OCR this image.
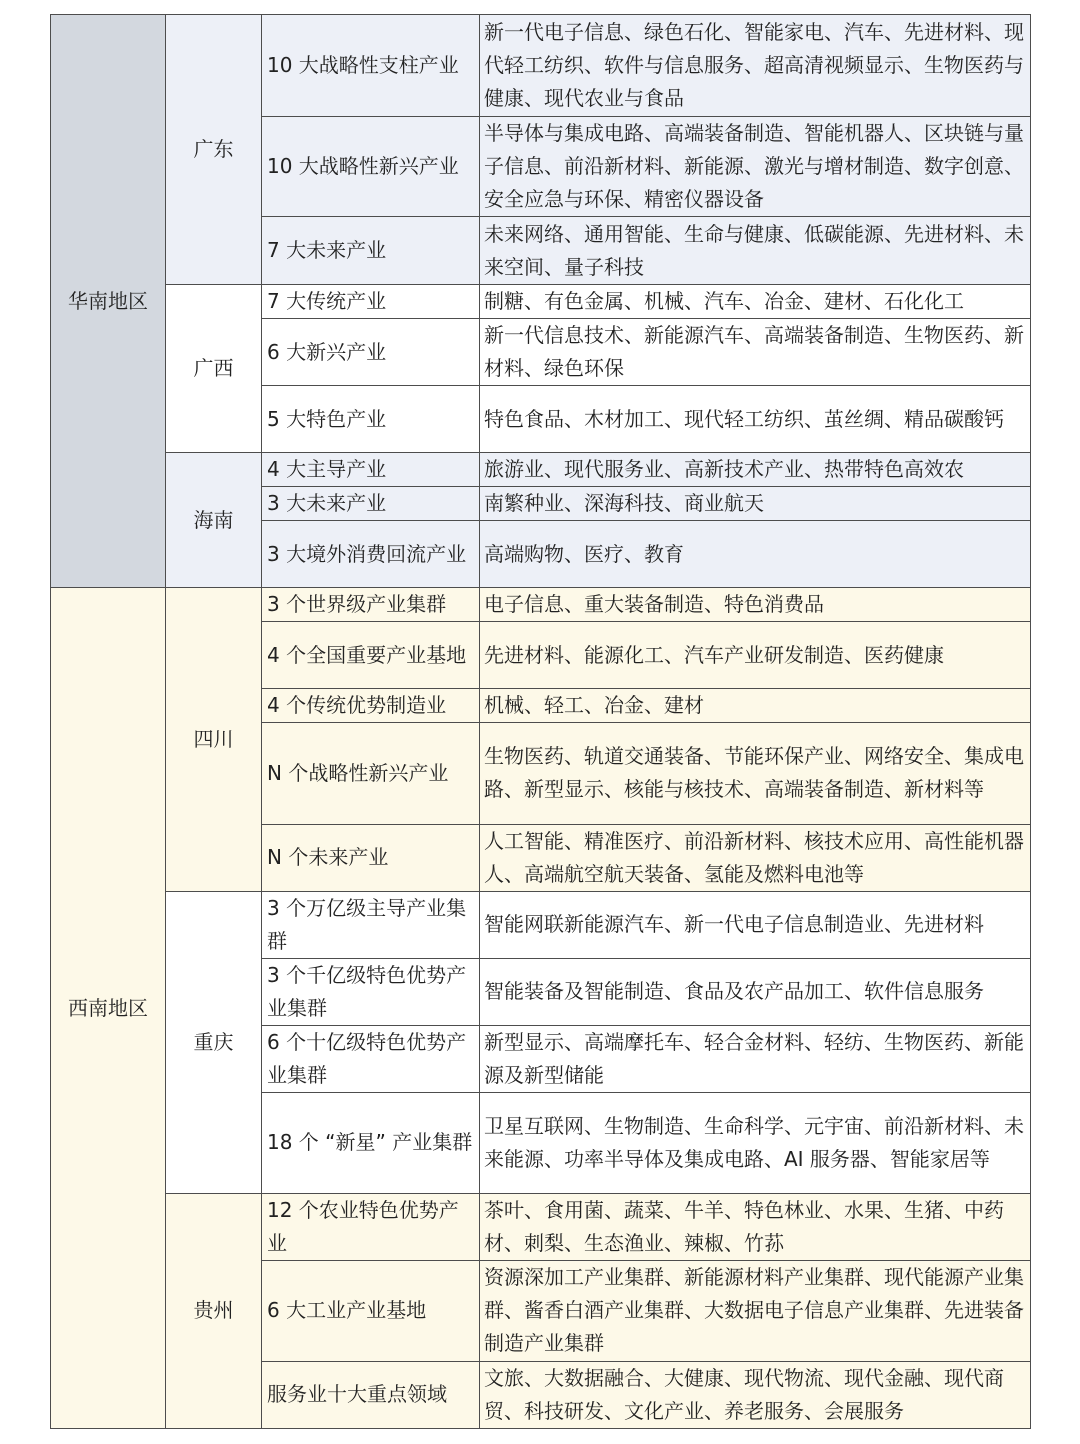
华南地区	广东	10 大战略性支柱产业	新一代电子信息、绿色石化、智能家电、汽车、先进材料、现代轻工纺织、软件与信息服务、超高清视频显示、生物医药与健康、现代农业与食品
		10 大战略性新兴产业	半导体与集成电路、高端装备制造、智能机器人、区块链与量子信息、前沿新材料、新能源、激光与增材制造、数字创意、安全应急与环保、精密仪器设备
		7 大未来产业	未来网络、通用智能、生命与健康、低碳能源、先进材料、未来空间、量子科技
	广西	7 大传统产业	制糖、有色金属、机械、汽车、冶金、建材、石化化工
		6 大新兴产业	新一代信息技术、新能源汽车、高端装备制造、生物医药、新材料、绿色环保
		5 大特色产业	特色食品、木材加工、现代轻工纺织、茧丝绸、精品碳酸钙
	海南	4 大主导产业	旅游业、现代服务业、高新技术产业、热带特色高效农
		3 大未来产业	南繁种业、深海科技、商业航天
		3 大境外消费回流产业	高端购物、医疗、教育
西南地区	四川	3 个世界级产业集群	电子信息、重大装备制造、特色消费品
		4 个全国重要产业基地	先进材料、能源化工、汽车产业研发制造、医药健康
		4 个传统优势制造业	机械、轻工、冶金、建材
		N 个战略性新兴产业	生物医药、轨道交通装备、节能环保产业、网络安全、集成电路、新型显示、核能与核技术、高端装备制造、新材料等
		N 个未来产业	人工智能、精准医疗、前沿新材料、核技术应用、高性能机器人、高端航空航天装备、氢能及燃料电池等
	重庆	3 个万亿级主导产业集群	智能网联新能源汽车、新一代电子信息制造业、先进材料
		3 个千亿级特色优势产业集群	智能装备及智能制造、食品及农产品加工、软件信息服务
		6 个十亿级特色优势产业集群	新型显示、高端摩托车、轻合金材料、轻纺、生物医药、新能源及新型储能
		18 个 “新星” 产业集群	卫星互联网、生物制造、生命科学、元宇宙、前沿新材料、未来能源、功率半导体及集成电路、AI 服务器、智能家居等
	贵州	12 个农业特色优势产业	茶叶、食用菌、蔬菜、牛羊、特色林业、水果、生猪、中药材、刺梨、生态渔业、辣椒、竹荪
		6 大工业产业基地	资源深加工产业集群、新能源材料产业集群、现代能源产业集群、酱香白酒产业集群、大数据电子信息产业集群、先进装备制造产业集群
		服务业十大重点领域	文旅、大数据融合、大健康、现代物流、现代金融、现代商贸、科技研发、文化产业、养老服务、会展服务
